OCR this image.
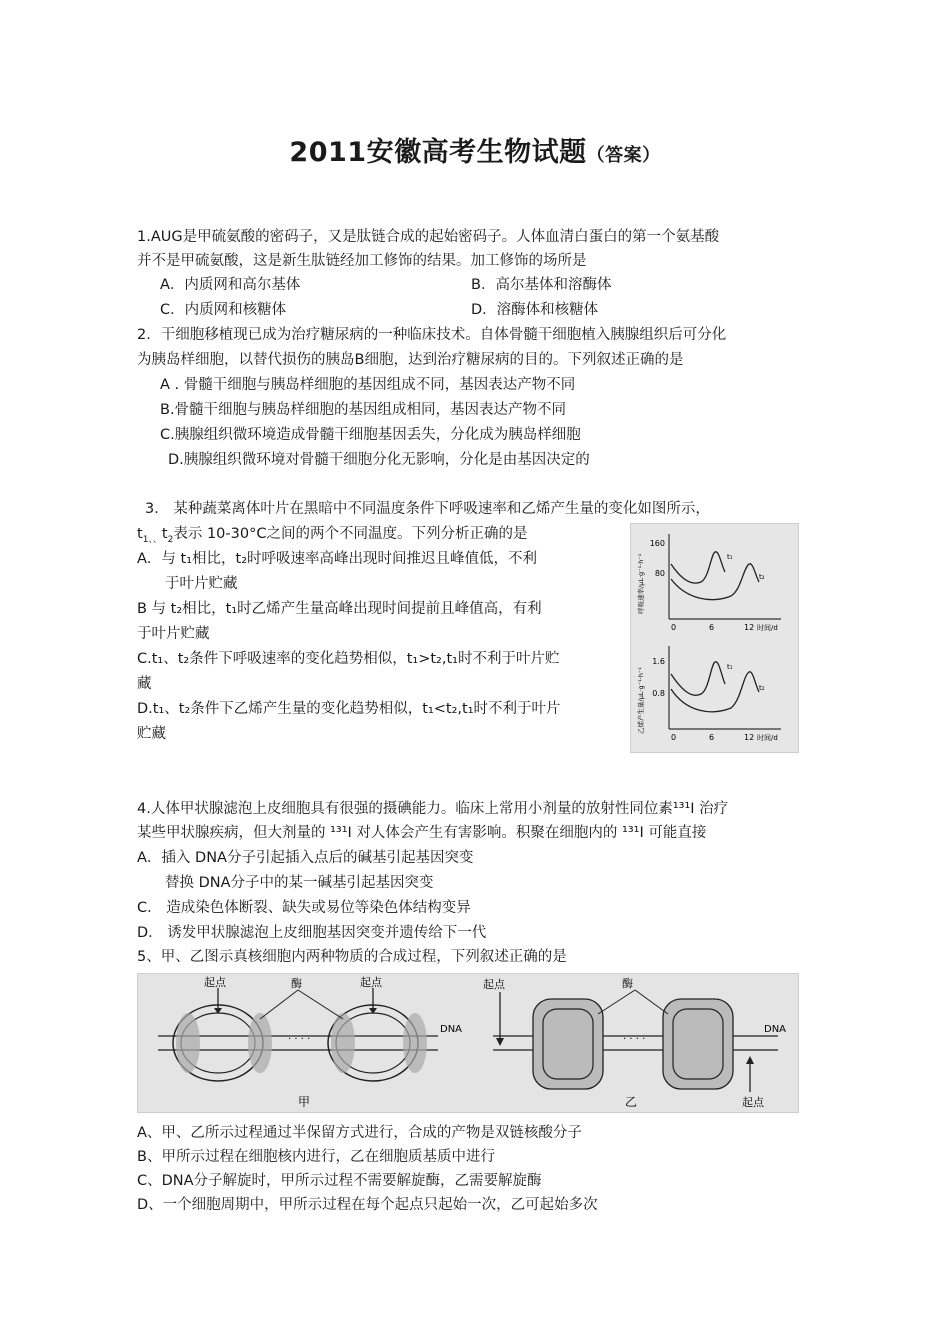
2011安徽高考生物试题（答案）
1.AUG是甲硫氨酸的密码子，又是肽链合成的起始密码子。人体血清白蛋白的第一个氨基酸
并不是甲硫氨酸，这是新生肽链经加工修饰的结果。加工修饰的场所是
A．内质网和高尔基体	B．高尔基体和溶酶体
C．内质网和核糖体	D．溶酶体和核糖体
2．干细胞移植现已成为治疗糖尿病的一种临床技术。自体骨髓干细胞植入胰腺组织后可分化
为胰岛样细胞，以替代损伤的胰岛B细胞，达到治疗糖尿病的目的。下列叙述正确的是
A . 骨髓干细胞与胰岛样细胞的基因组成不同，基因表达产物不同
B.骨髓干细胞与胰岛样细胞的基因组成相同，基因表达产物不同
C.胰腺组织微环境造成骨髓干细胞基因丢失，分化成为胰岛样细胞
D.胰腺组织微环境对骨髓干细胞分化无影响，分化是由基因决定的
3． 某种蔬菜离体叶片在黑暗中不同温度条件下呼吸速率和乙烯产生量的变化如图所示，
$t_{1、、}t_2$表示 10-30°C之间的两个不同温度。下列分析正确的是
A．与 t₁相比，t₂时呼吸速率高峰出现时间推迟且峰值低，不利
于叶片贮藏
B 与 t₂相比，t₁时乙烯产生量高峰出现时间提前且峰值高，有利
于叶片贮藏
C.t₁、t₂条件下呼吸速率的变化趋势相似，t₁>t₂,t₁时不利于叶片贮
藏
D.t₁、t₂条件下乙烯产生量的变化趋势相似，t₁<t₂,t₁时不利于叶片
贮藏
160
80
0	6	12 时间/d
呼吸速率/μL·g⁻¹·h⁻¹	t₁
t₂
1.6
0.8
0	6	12 时间/d
乙烯产生量/μL·g⁻¹·h⁻¹
t₁
t₂
4.人体甲状腺滤泡上皮细胞具有很强的摄碘能力。临床上常用小剂量的放射性同位素¹³¹I 治疗
某些甲状腺疾病，但大剂量的 ¹³¹I 对人体会产生有害影响。积聚在细胞内的 ¹³¹I 可能直接
A．插入 DNA分子引起插入点后的碱基引起基因突变
替换 DNA分子中的某一碱基引起基因突变
C． 造成染色体断裂、缺失或易位等染色体结构变异
D． 诱发甲状腺滤泡上皮细胞基因突变并遗传给下一代
5、甲、乙图示真核细胞内两种物质的合成过程，下列叙述正确的是
· · · ·
起点	起点
酶
DNA
甲
· · · ·
起点	酶
DNA
起点
乙
A、甲、乙所示过程通过半保留方式进行，合成的产物是双链核酸分子
B、甲所示过程在细胞核内进行，乙在细胞质基质中进行
C、DNA分子解旋时，甲所示过程不需要解旋酶，乙需要解旋酶
D、一个细胞周期中，甲所示过程在每个起点只起始一次，乙可起始多次
